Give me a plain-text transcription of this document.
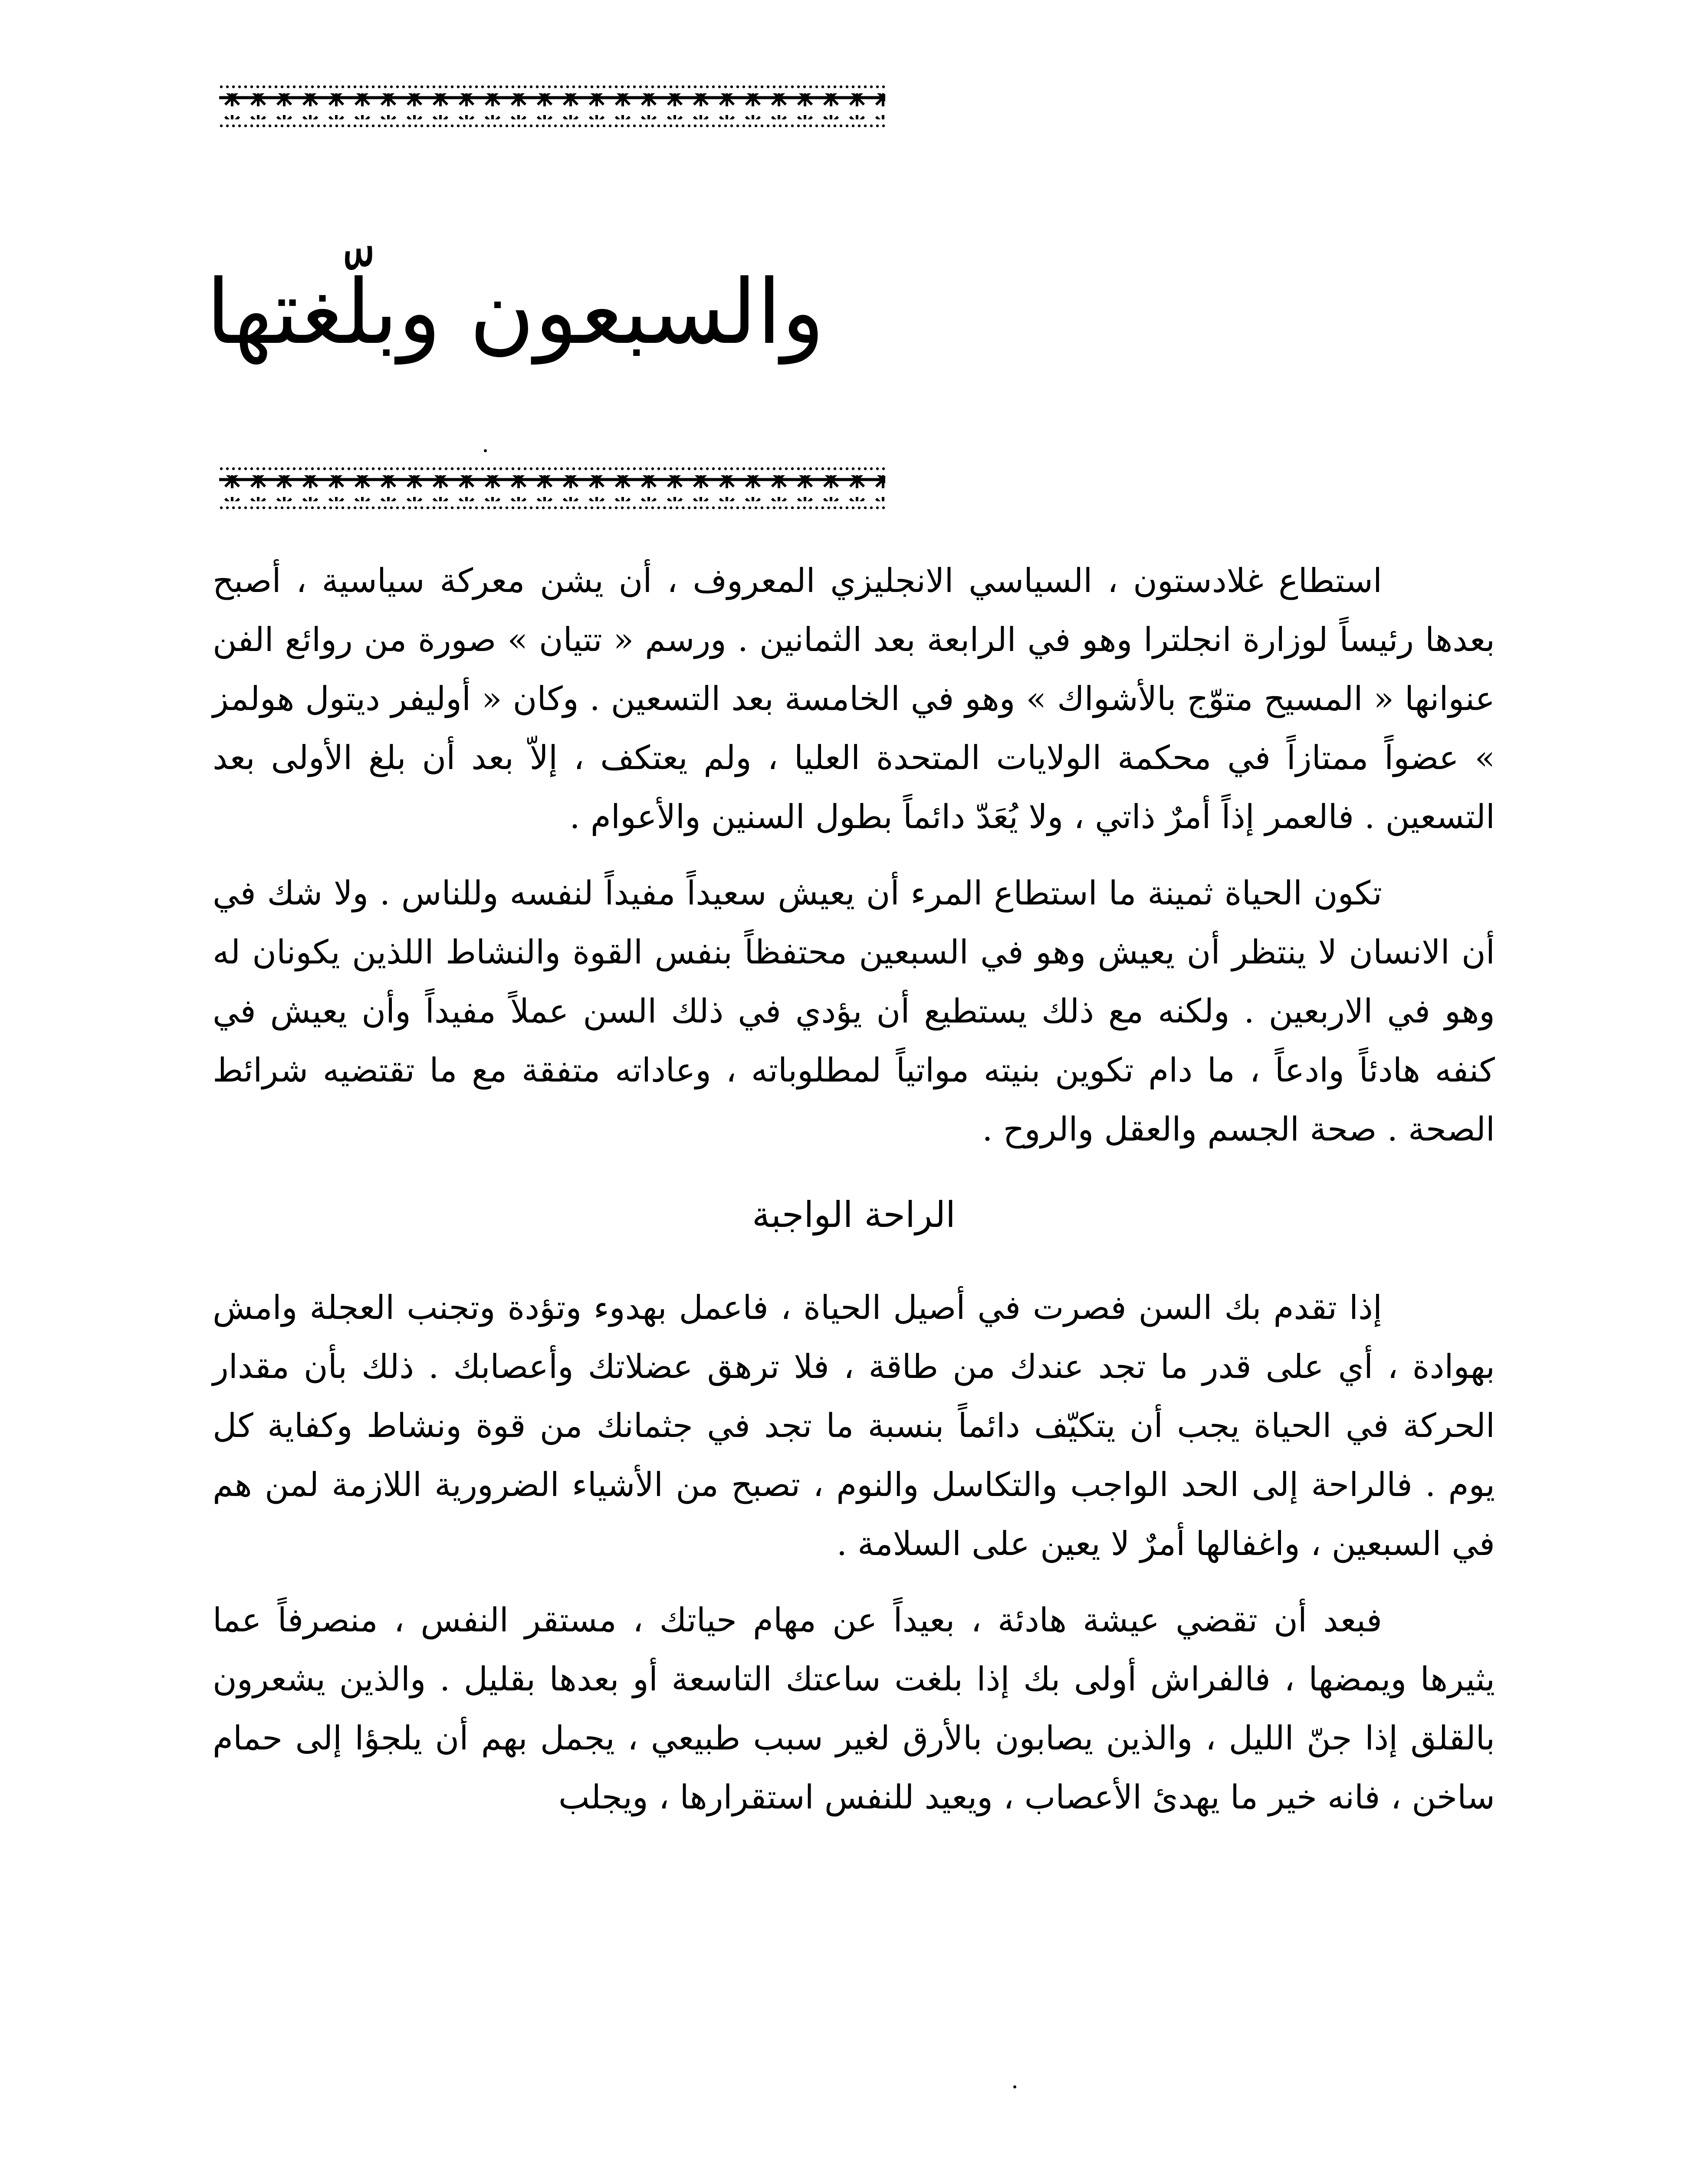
والسبعون وبلّغتها

استطاع غلادستون ، السياسي الانجليزي المعروف ، أن يشن معركة سياسية ، أصبح بعدها رئيساً لوزارة انجلترا وهو في الرابعة بعد الثمانين . ورسم « تتيان » صورة من روائع الفن عنوانها « المسيح متوّج بالأشواك » وهو في الخامسة بعد التسعين . وكان « أوليفر ديتول هولمز » عضواً ممتازاً في محكمة الولايات المتحدة العليا ، ولم يعتكف ، إلاّ بعد أن بلغ الأولى بعد التسعين . فالعمر إذاً أمرٌ ذاتي ، ولا يُعَدّ دائماً بطول السنين والأعوام .

تكون الحياة ثمينة ما استطاع المرء أن يعيش سعيداً مفيداً لنفسه وللناس . ولا شك في أن الانسان لا ينتظر أن يعيش وهو في السبعين محتفظاً بنفس القوة والنشاط اللذين يكونان له وهو في الاربعين . ولكنه مع ذلك يستطيع أن يؤدي في ذلك السن عملاً مفيداً وأن يعيش في كنفه هادئاً وادعاً ، ما دام تكوين بنيته مواتياً لمطلوباته ، وعاداته متفقة مع ما تقتضيه شرائط الصحة . صحة الجسم والعقل والروح .

الراحة الواجبة

إذا تقدم بك السن فصرت في أصيل الحياة ، فاعمل بهدوء وتؤدة وتجنب العجلة وامش بهوادة ، أي على قدر ما تجد عندك من طاقة ، فلا ترهق عضلاتك وأعصابك . ذلك بأن مقدار الحركة في الحياة يجب أن يتكيّف دائماً بنسبة ما تجد في جثمانك من قوة ونشاط وكفاية كل يوم . فالراحة إلى الحد الواجب والتكاسل والنوم ، تصبح من الأشياء الضرورية اللازمة لمن هم في السبعين ، واغفالها أمرٌ لا يعين على السلامة .

فبعد أن تقضي عيشة هادئة ، بعيداً عن مهام حياتك ، مستقر النفس ، منصرفاً عما يثيرها ويمضها ، فالفراش أولى بك إذا بلغت ساعتك التاسعة أو بعدها بقليل . والذين يشعرون بالقلق إذا جنّ الليل ، والذين يصابون بالأرق لغير سبب طبيعي ، يجمل بهم أن يلجؤا إلى حمام ساخن ، فانه خير ما يهدئ الأعصاب ، ويعيد للنفس استقرارها ، ويجلب
